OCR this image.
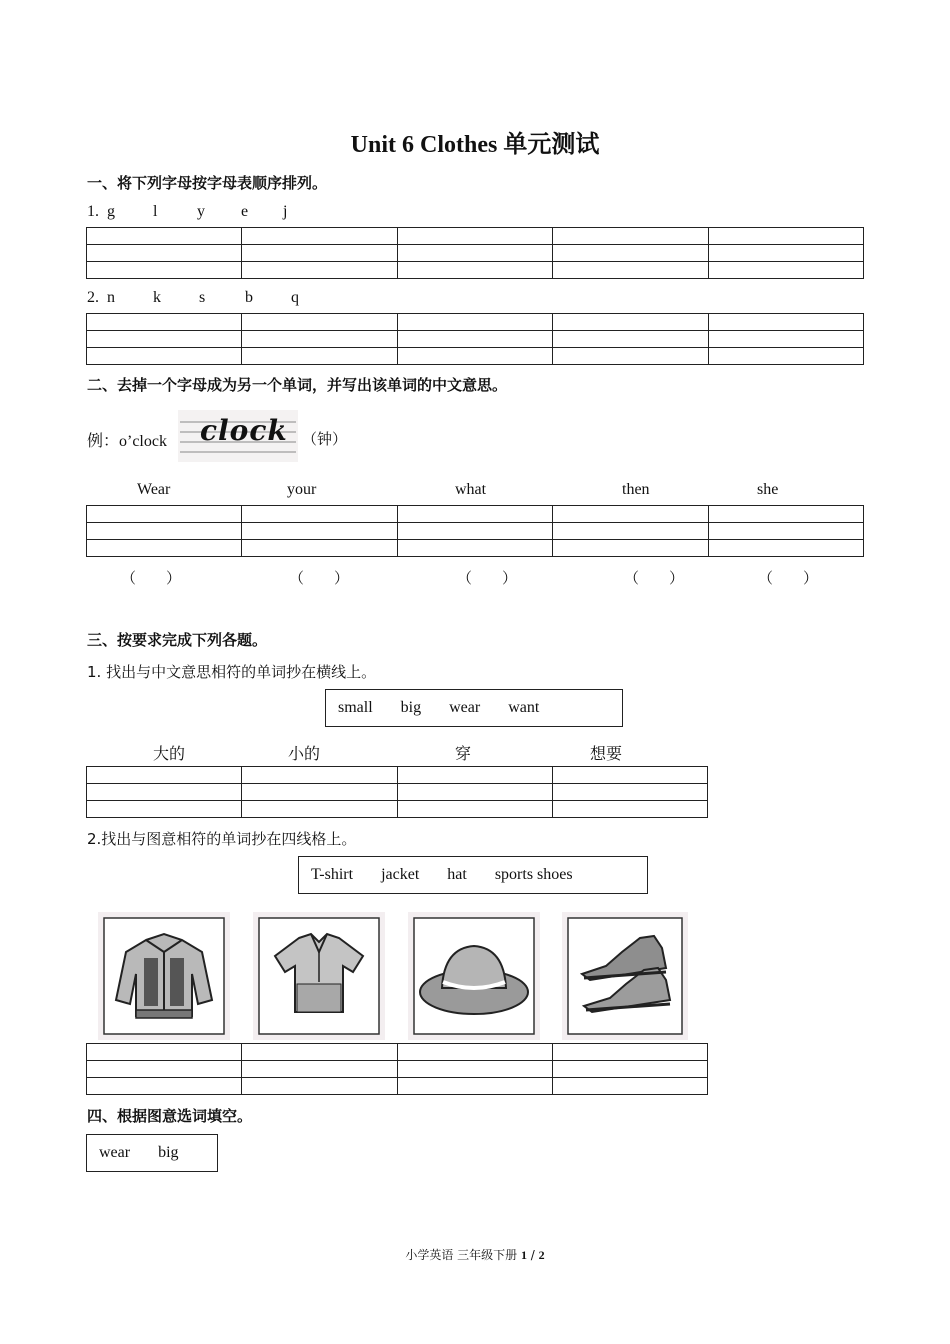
Unit 6 Clothes 单元测试
一、将下列字母按字母表顺序排列。
1. g l y e j

2. n k s b q

二、去掉一个字母成为另一个单词，并写出该单词的中文意思。
例：o’clock clock （钟）
Wear	your	what	then	she

（　　）	（　　）	（　　）	（　　）	（　　）
三、按要求完成下列各题。
1. 找出与中文意思相符的单词抄在横线上。
small big wear want
大的	小的	穿	想要

2.找出与图意相符的单词抄在四线格上。
T-shirt jacket hat sports shoes

四、根据图意选词填空。
wear big
小学英语 三年级下册 1 / 2
